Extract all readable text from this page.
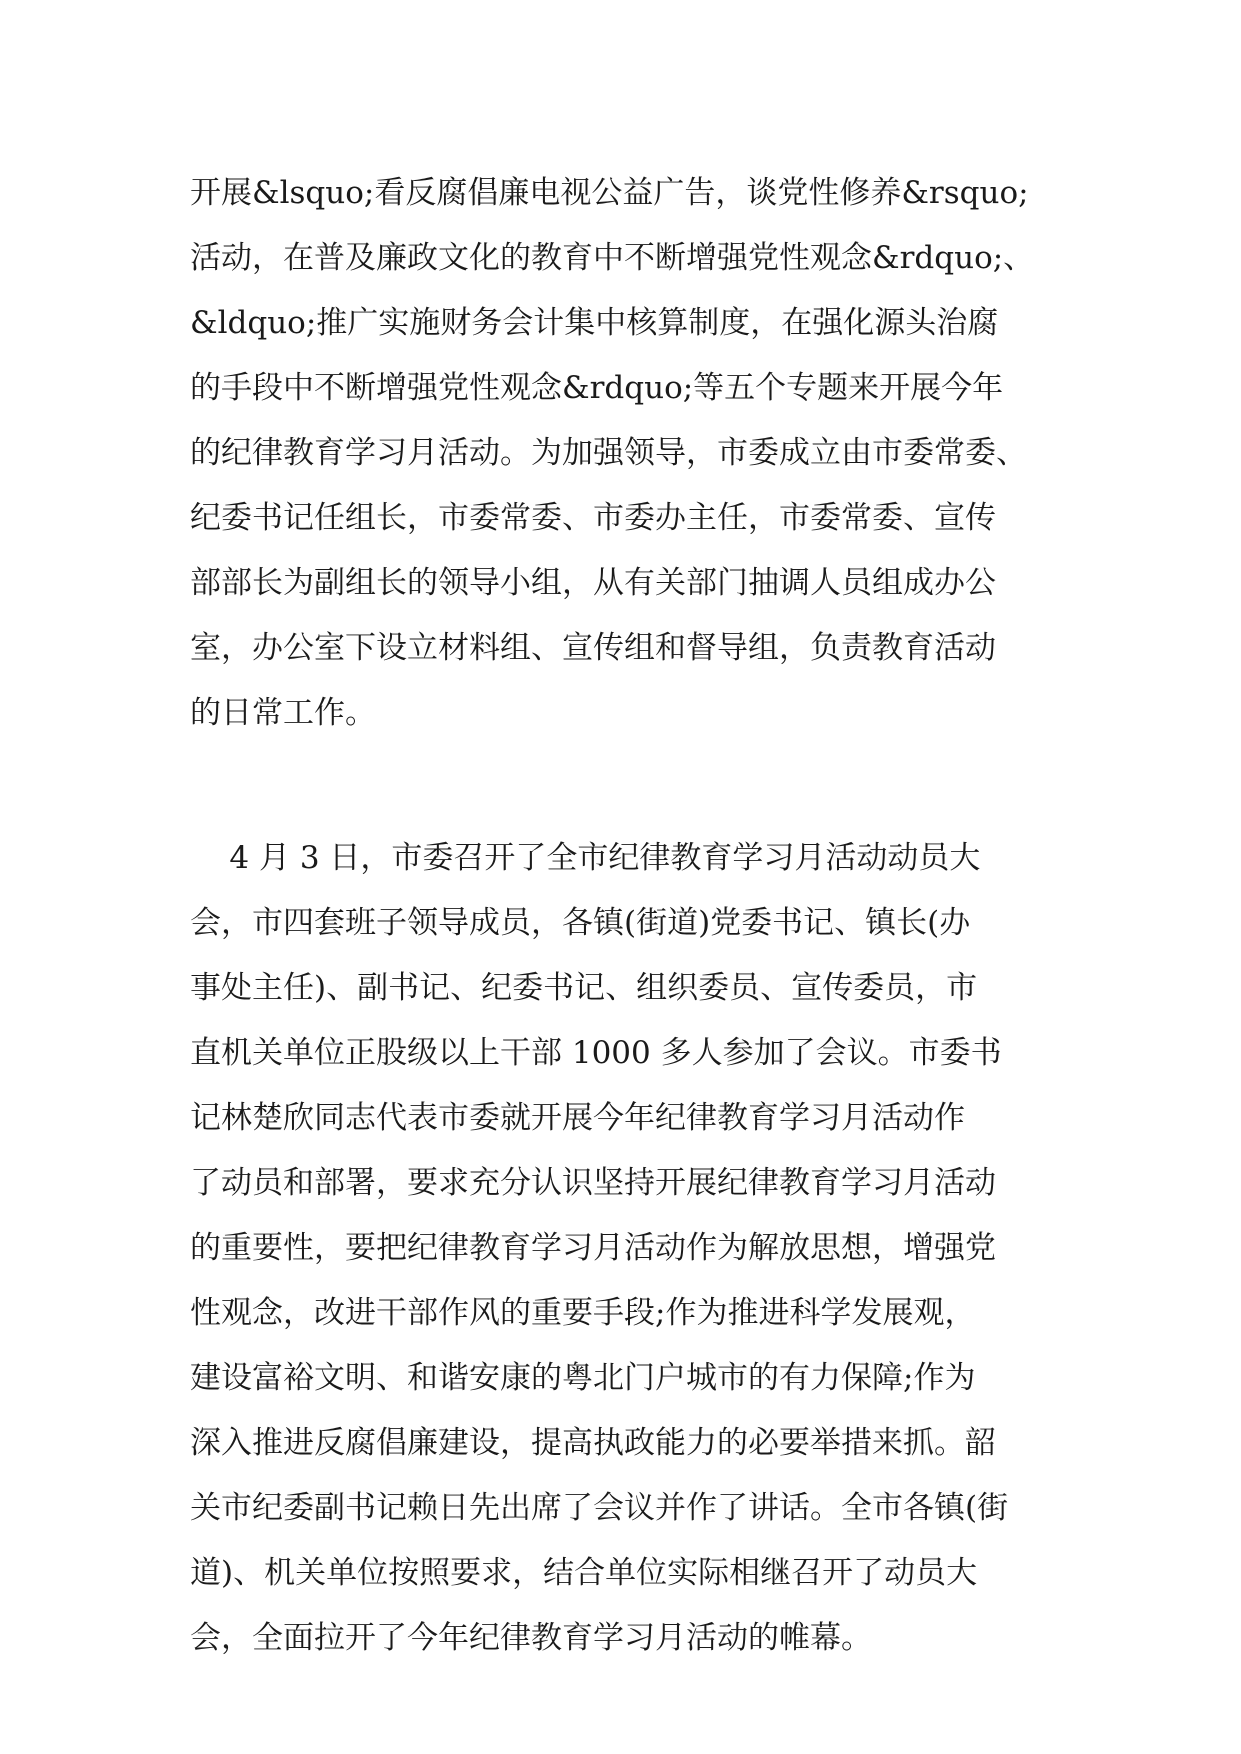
开展&lsquo;看反腐倡廉电视公益广告，谈党性修养&rsquo;
活动，在普及廉政文化的教育中不断增强党性观念&rdquo;、
&ldquo;推广实施财务会计集中核算制度，在强化源头治腐
的手段中不断增强党性观念&rdquo;等五个专题来开展今年
的纪律教育学习月活动。为加强领导，市委成立由市委常委、
纪委书记任组长，市委常委、市委办主任，市委常委、宣传
部部长为副组长的领导小组，从有关部门抽调人员组成办公
室，办公室下设立材料组、宣传组和督导组，负责教育活动
的日常工作。
4 月 3 日，市委召开了全市纪律教育学习月活动动员大
会，市四套班子领导成员，各镇(街道)党委书记、镇长(办
事处主任)、副书记、纪委书记、组织委员、宣传委员，市
直机关单位正股级以上干部 1000 多人参加了会议。市委书
记林楚欣同志代表市委就开展今年纪律教育学习月活动作
了动员和部署，要求充分认识坚持开展纪律教育学习月活动
的重要性，要把纪律教育学习月活动作为解放思想，增强党
性观念，改进干部作风的重要手段;作为推进科学发展观，
建设富裕文明、和谐安康的粤北门户城市的有力保障;作为
深入推进反腐倡廉建设，提高执政能力的必要举措来抓。韶
关市纪委副书记赖日先出席了会议并作了讲话。全市各镇(街
道)、机关单位按照要求，结合单位实际相继召开了动员大
会，全面拉开了今年纪律教育学习月活动的帷幕。
